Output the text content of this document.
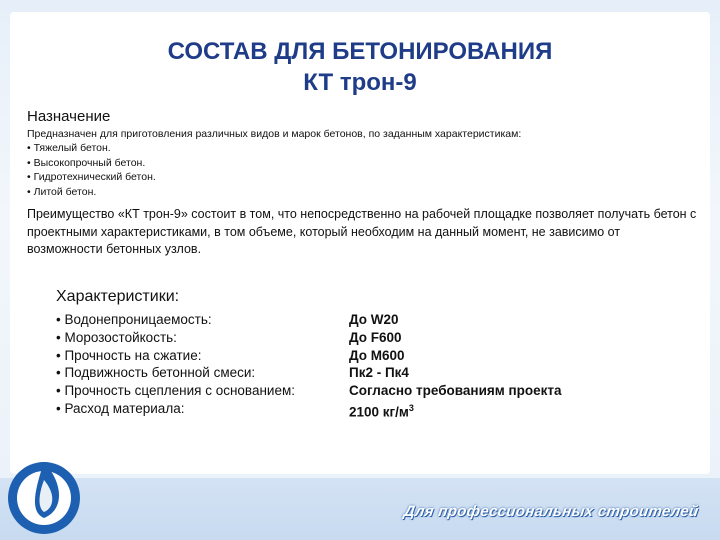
СОСТАВ ДЛЯ БЕТОНИРОВАНИЯ
КТ трон-9
Назначение
Предназначен для приготовления различных видов и марок бетонов, по заданным характеристикам:
• Тяжелый бетон.
• Высокопрочный бетон.
• Гидротехнический бетон.
• Литой бетон.
Преимущество «КТ трон-9» состоит в том, что непосредственно на рабочей площадке позволяет получать бетон с проектными характеристиками, в том объеме, который необходим на данный момент, не зависимо от возможности бетонных узлов.
Характеристики:
• Водонепроницаемость:	До W20
• Морозостойкость:	До F600
• Прочность на сжатие:	До М600
• Подвижность бетонной смеси:	Пк2 - Пк4
• Прочность сцепления с основанием:	Согласно требованиям проекта
• Расход материала:	2100 $кг/м^3$
Для профессиональных строителей
